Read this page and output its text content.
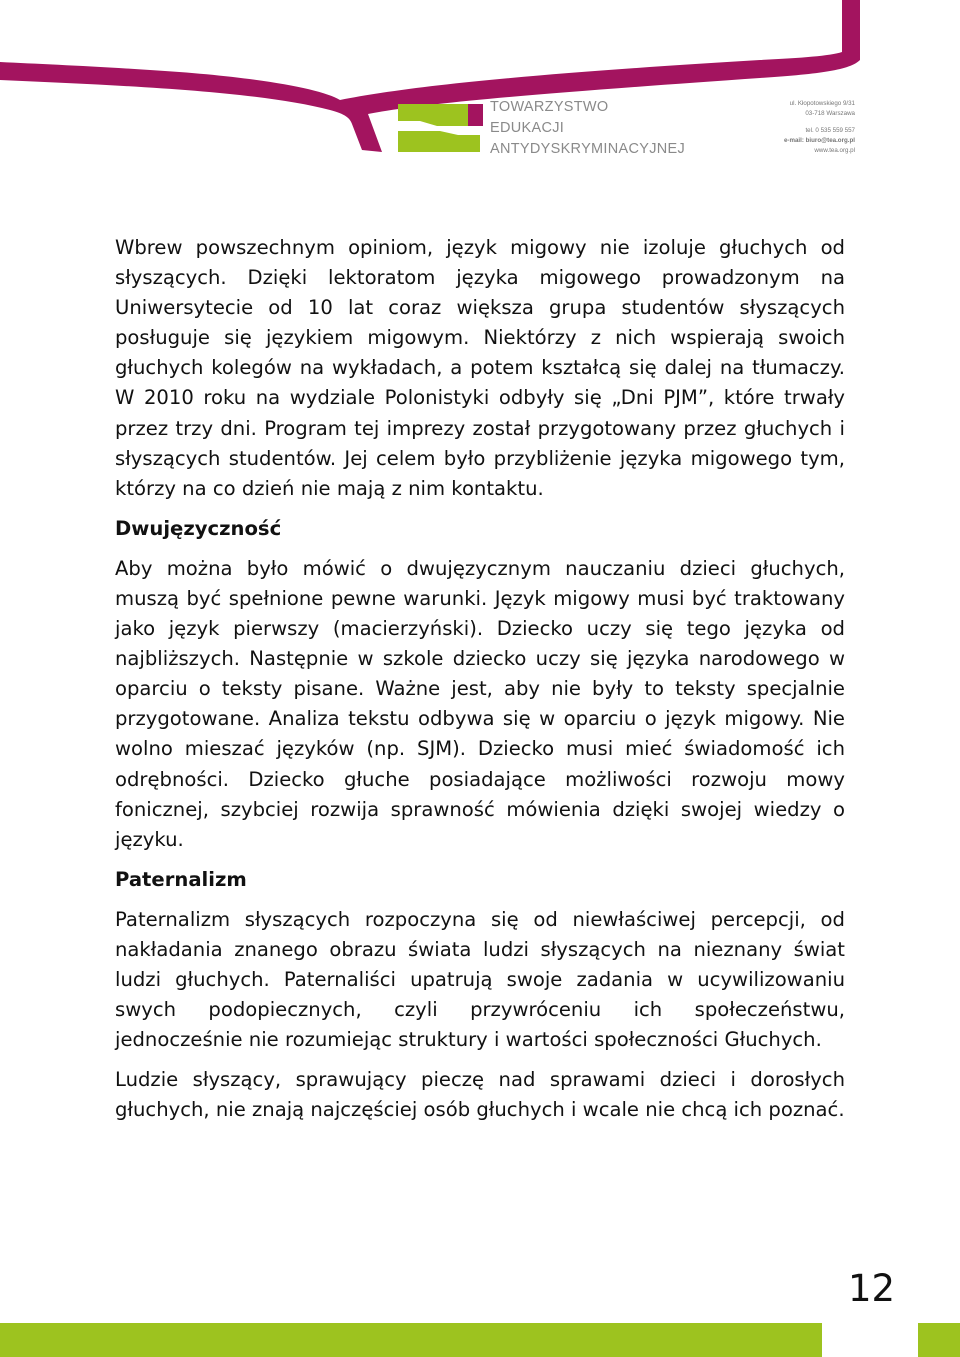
TOWARZYSTWO
EDUKACJI
ANTYDYSKRYMINACYJNEJ
ul. Kłopotowskiego 9/31
03-718 Warszawa
tel. 0 535 559 557
e-mail: biuro@tea.org.pl
www.tea.org.pl

Wbrew powszechnym opiniom, język migowy nie izoluje głuchych od słyszących. Dzięki lektoratom języka migowego prowadzonym na Uniwersytecie od 10 lat coraz większa grupa studentów słyszących posługuje się językiem migowym. Niektórzy z nich wspierają swoich głuchych kolegów na wykładach, a potem kształcą się dalej na tłumaczy. W 2010 roku na wydziale Polonistyki odbyły się „Dni PJM”, które trwały przez trzy dni. Program tej imprezy został przygotowany przez głuchych i słyszących studentów. Jej celem było przybliżenie języka migowego tym, którzy na co dzień nie mają z nim kontaktu.

Dwujęzyczność

Aby można było mówić o dwujęzycznym nauczaniu dzieci głuchych, muszą być spełnione pewne warunki. Język migowy musi być traktowany jako język pierwszy (macierzyński). Dziecko uczy się tego języka od najbliższych. Następnie w szkole dziecko uczy się języka narodowego w oparciu o teksty pisane. Ważne jest, aby nie były to teksty specjalnie przygotowane. Analiza tekstu odbywa się w oparciu o język migowy. Nie wolno mieszać języków (np. SJM). Dziecko musi mieć świadomość ich odrębności. Dziecko głuche posiadające możliwości rozwoju mowy fonicznej, szybciej rozwija sprawność mówienia dzięki swojej wiedzy o języku.

Paternalizm

Paternalizm słyszących rozpoczyna się od niewłaściwej percepcji, od nakładania znanego obrazu świata ludzi słyszących na nieznany świat ludzi głuchych. Paternaliści upatrują swoje zadania w ucywilizowaniu swych podopiecznych, czyli przywróceniu ich społeczeństwu, jednocześnie nie rozumiejąc struktury i wartości społeczności Głuchych.

Ludzie słyszący, sprawujący pieczę nad sprawami dzieci i dorosłych głuchych, nie znają najczęściej osób głuchych i wcale nie chcą ich poznać.

12
